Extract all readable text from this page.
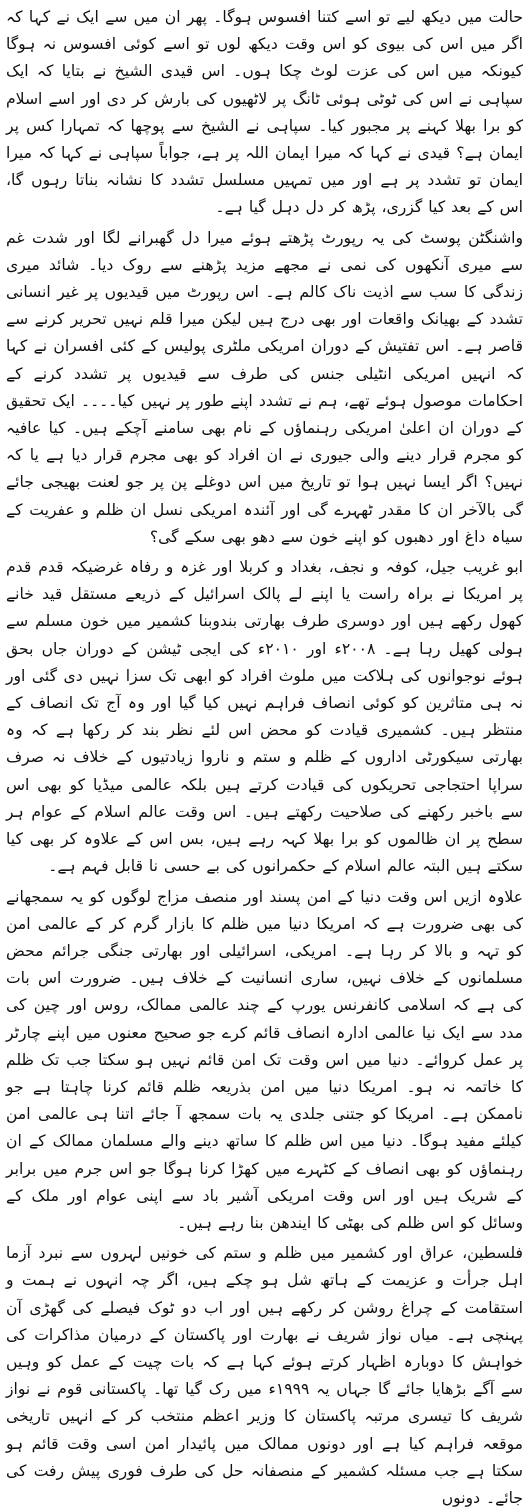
حالت میں دیکھ لیے تو اسے کتنا افسوس ہوگا۔ پھر ان میں سے ایک نے کہا کہ اگر میں اس کی بیوی کو اس وقت دیکھ لوں تو اسے کوئی افسوس نہ ہوگا کیونکہ میں اس کی عزت لوٹ چکا ہوں۔ اس قیدی الشیخ نے بتایا کہ ایک سپاہی نے اس کی ٹوٹی ہوئی ٹانگ پر لاٹھیوں کی بارش کر دی اور اسے اسلام کو برا بھلا کہنے پر مجبور کیا۔ سپاہی نے الشیخ سے پوچھا کہ تمہارا کس پر ایمان ہے؟ قیدی نے کہا کہ میرا ایمان اللہ پر ہے، جواباً سپاہی نے کہا کہ میرا ایمان تو تشدد پر ہے اور میں تمہیں مسلسل تشدد کا نشانہ بناتا رہوں گا، اس کے بعد کیا گزری، پڑھ کر دل دہل گیا ہے۔

واشنگٹن پوسٹ کی یہ رپورٹ پڑھتے ہوئے میرا دل گھبرانے لگا اور شدت غم سے میری آنکھوں کی نمی نے مجھے مزید پڑھنے سے روک دیا۔ شائد میری زندگی کا سب سے اذیت ناک کالم ہے۔ اس رپورٹ میں قیدیوں پر غیر انسانی تشدد کے بھیانک واقعات اور بھی درج ہیں لیکن میرا قلم نہیں تحریر کرنے سے قاصر ہے۔ اس تفتیش کے دوران امریکی ملٹری پولیس کے کئی افسران نے کہا کہ انہیں امریکی انٹیلی جنس کی طرف سے قیدیوں پر تشدد کرنے کے احکامات موصول ہوئے تھے، ہم نے تشدد اپنے طور پر نہیں کیا۔۔۔۔ ایک تحقیق کے دوران ان اعلیٰ امریکی رہنماؤں کے نام بھی سامنے آچکے ہیں۔ کیا عافیہ کو مجرم قرار دینے والی جیوری نے ان افراد کو بھی مجرم قرار دیا ہے یا کہ نہیں؟ اگر ایسا نہیں ہوا تو تاریخ میں اس دوغلے پن پر جو لعنت بھیجی جائے گی بالآخر ان کا مقدر ٹھہرے گی اور آئندہ امریکی نسل ان ظلم و عفریت کے سیاہ داغ اور دھبوں کو اپنے خون سے دھو بھی سکے گی؟

ابو غریب جیل، کوفہ و نجف، بغداد و کربلا اور غزہ و رفاہ غرضیکہ قدم قدم پر امریکا نے براہ راست یا اپنے لے پالک اسرائیل کے ذریعے مستقل قید خانے کھول رکھے ہیں اور دوسری طرف بھارتی بندوبنا کشمیر میں خون مسلم سے ہولی کھیل رہا ہے۔ ۲۰۰۸ء اور ۲۰۱۰ء کی ایجی ٹیشن کے دوران جاں بحق ہوئے نوجوانوں کی ہلاکت میں ملوث افراد کو ابھی تک سزا نہیں دی گئی اور نہ ہی متاثرین کو کوئی انصاف فراہم نہیں کیا گیا اور وہ آج تک انصاف کے منتظر ہیں۔ کشمیری قیادت کو محض اس لئے نظر بند کر رکھا ہے کہ وہ بھارتی سیکورٹی اداروں کے ظلم و ستم و ناروا زیادتیوں کے خلاف نہ صرف سراپا احتجاجی تحریکوں کی قیادت کرتے ہیں بلکہ عالمی میڈیا کو بھی اس سے باخبر رکھنے کی صلاحیت رکھتے ہیں۔ اس وقت عالم اسلام کے عوام ہر سطح پر ان ظالموں کو برا بھلا کہہ رہے ہیں، بس اس کے علاوہ کر بھی کیا سکتے ہیں البتہ عالم اسلام کے حکمرانوں کی بے حسی نا قابل فہم ہے۔

علاوہ ازیں اس وقت دنیا کے امن پسند اور منصف مزاج لوگوں کو یہ سمجھانے کی بھی ضرورت ہے کہ امریکا دنیا میں ظلم کا بازار گرم کر کے عالمی امن کو تہہ و بالا کر رہا ہے۔ امریکی، اسرائیلی اور بھارتی جنگی جرائم محض مسلمانوں کے خلاف نہیں، ساری انسانیت کے خلاف ہیں۔ ضرورت اس بات کی ہے کہ اسلامی کانفرنس یورپ کے چند عالمی ممالک، روس اور چین کی مدد سے ایک نیا عالمی ادارہ انصاف قائم کرے جو صحیح معنوں میں اپنے چارٹر پر عمل کروائے۔ دنیا میں اس وقت تک امن قائم نہیں ہو سکتا جب تک ظلم کا خاتمہ نہ ہو۔ امریکا دنیا میں امن بذریعہ ظلم قائم کرنا چاہتا ہے جو ناممکن ہے۔ امریکا کو جتنی جلدی یہ بات سمجھ آ جائے اتنا ہی عالمی امن کیلئے مفید ہوگا۔ دنیا میں اس ظلم کا ساتھ دینے والے مسلمان ممالک کے ان رہنماؤں کو بھی انصاف کے کٹہرے میں کھڑا کرنا ہوگا جو اس جرم میں برابر کے شریک ہیں اور اس وقت امریکی آشیر باد سے اپنی عوام اور ملک کے وسائل کو اس ظلم کی بھٹی کا ایندھن بنا رہے ہیں۔

فلسطین، عراق اور کشمیر میں ظلم و ستم کی خونیں لہروں سے نبرد آزما اہل جرأت و عزیمت کے ہاتھ شل ہو چکے ہیں، اگر چہ انہوں نے ہمت و استقامت کے چراغ روشن کر رکھے ہیں اور اب دو ٹوک فیصلے کی گھڑی آن پہنچی ہے۔ میاں نواز شریف نے بھارت اور پاکستان کے درمیان مذاکرات کی خواہش کا دوبارہ اظہار کرتے ہوئے کہا ہے کہ بات چیت کے عمل کو وہیں سے آگے بڑھایا جائے گا جہاں یہ ۱۹۹۹ء میں رک گیا تھا۔ پاکستانی قوم نے نواز شریف کا تیسری مرتبہ پاکستان کا وزیر اعظم منتخب کر کے انہیں تاریخی موقعہ فراہم کیا ہے اور دونوں ممالک میں پائیدار امن اسی وقت قائم ہو سکتا ہے جب مسئلہ کشمیر کے منصفانہ حل کی طرف فوری پیش رفت کی جائے۔ دونوں
